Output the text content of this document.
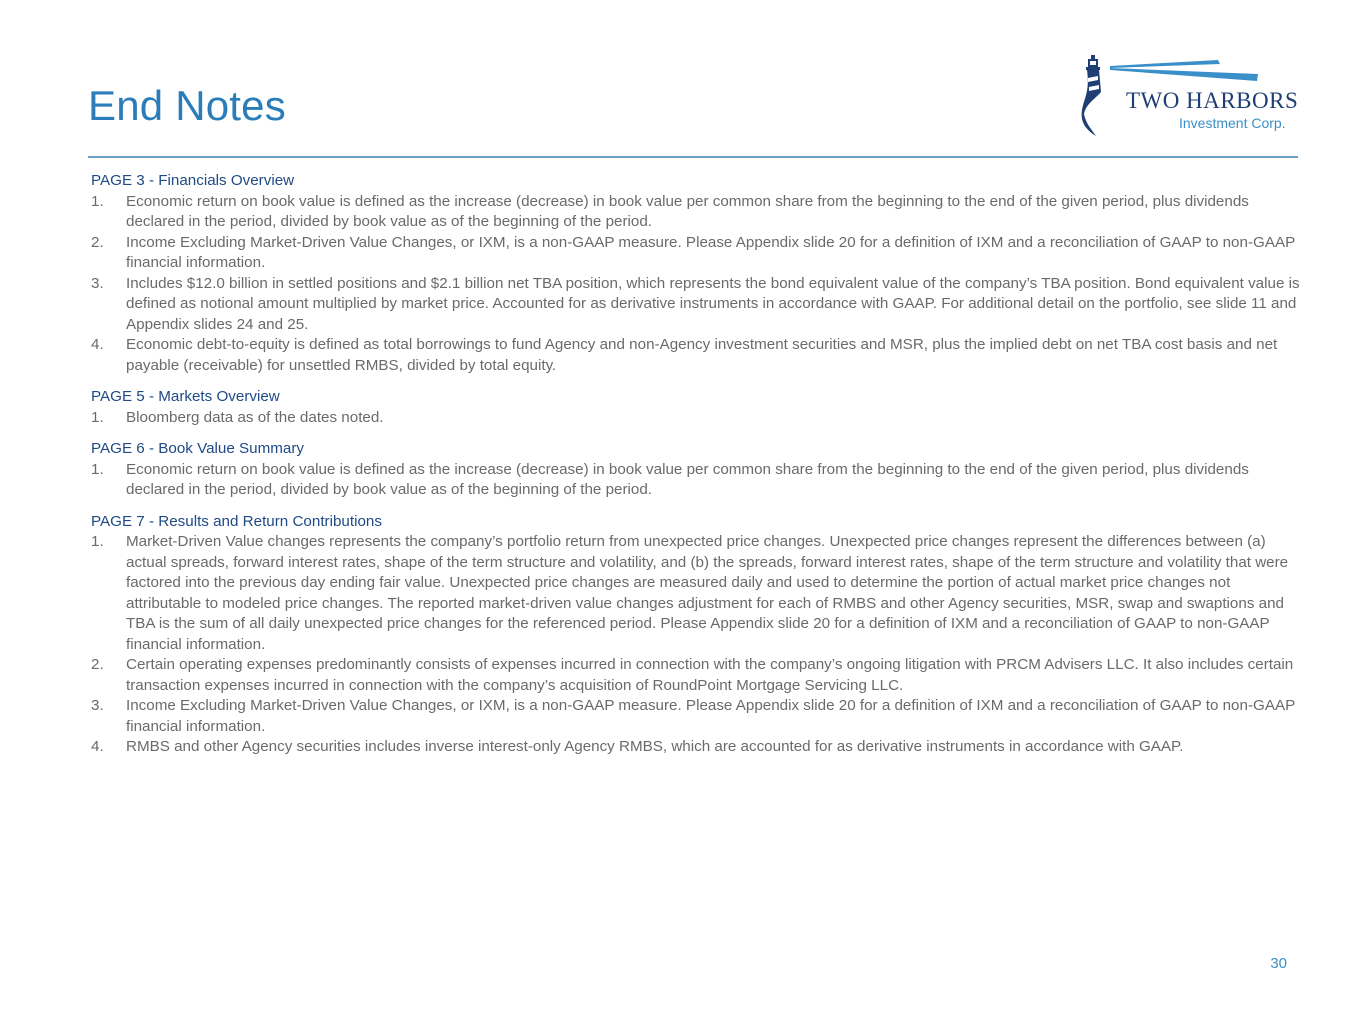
End Notes	TWO HARBORS
Investment Corp.
PAGE 3 - Financials Overview
1.	Economic return on book value is defined as the increase (decrease) in book value per common share from the beginning to the end of the given period, plus dividends declared in the period, divided by book value as of the beginning of the period.
2.	Income Excluding Market-Driven Value Changes, or IXM, is a non-GAAP measure. Please Appendix slide 20 for a definition of IXM and a reconciliation of GAAP to non-GAAP financial information.
3.	Includes $12.0 billion in settled positions and $2.1 billion net TBA position, which represents the bond equivalent value of the company’s TBA position. Bond equivalent value is defined as notional amount multiplied by market price. Accounted for as derivative instruments in accordance with GAAP. For additional detail on the portfolio, see slide 11 and Appendix slides 24 and 25.
4.	Economic debt-to-equity is defined as total borrowings to fund Agency and non-Agency investment securities and MSR, plus the implied debt on net TBA cost basis and net payable (receivable) for unsettled RMBS, divided by total equity.
PAGE 5 - Markets Overview
1.	Bloomberg data as of the dates noted.
PAGE 6 - Book Value Summary
1.	Economic return on book value is defined as the increase (decrease) in book value per common share from the beginning to the end of the given period, plus dividends declared in the period, divided by book value as of the beginning of the period.
PAGE 7 - Results and Return Contributions
1.	Market-Driven Value changes represents the company’s portfolio return from unexpected price changes. Unexpected price changes represent the differences between (a) actual spreads, forward interest rates, shape of the term structure and volatility, and (b) the spreads, forward interest rates, shape of the term structure and volatility that were factored into the previous day ending fair value. Unexpected price changes are measured daily and used to determine the portion of actual market price changes not attributable to modeled price changes. The reported market-driven value changes adjustment for each of RMBS and other Agency securities, MSR, swap and swaptions and TBA is the sum of all daily unexpected price changes for the referenced period. Please Appendix slide 20 for a definition of IXM and a reconciliation of GAAP to non-GAAP financial information.
2.	Certain operating expenses predominantly consists of expenses incurred in connection with the company’s ongoing litigation with PRCM Advisers LLC. It also includes certain transaction expenses incurred in connection with the company’s acquisition of RoundPoint Mortgage Servicing LLC.
3.	Income Excluding Market-Driven Value Changes, or IXM, is a non-GAAP measure. Please Appendix slide 20 for a definition of IXM and a reconciliation of GAAP to non-GAAP financial information.
4.	RMBS and other Agency securities includes inverse interest-only Agency RMBS, which are accounted for as derivative instruments in accordance with GAAP.
30
